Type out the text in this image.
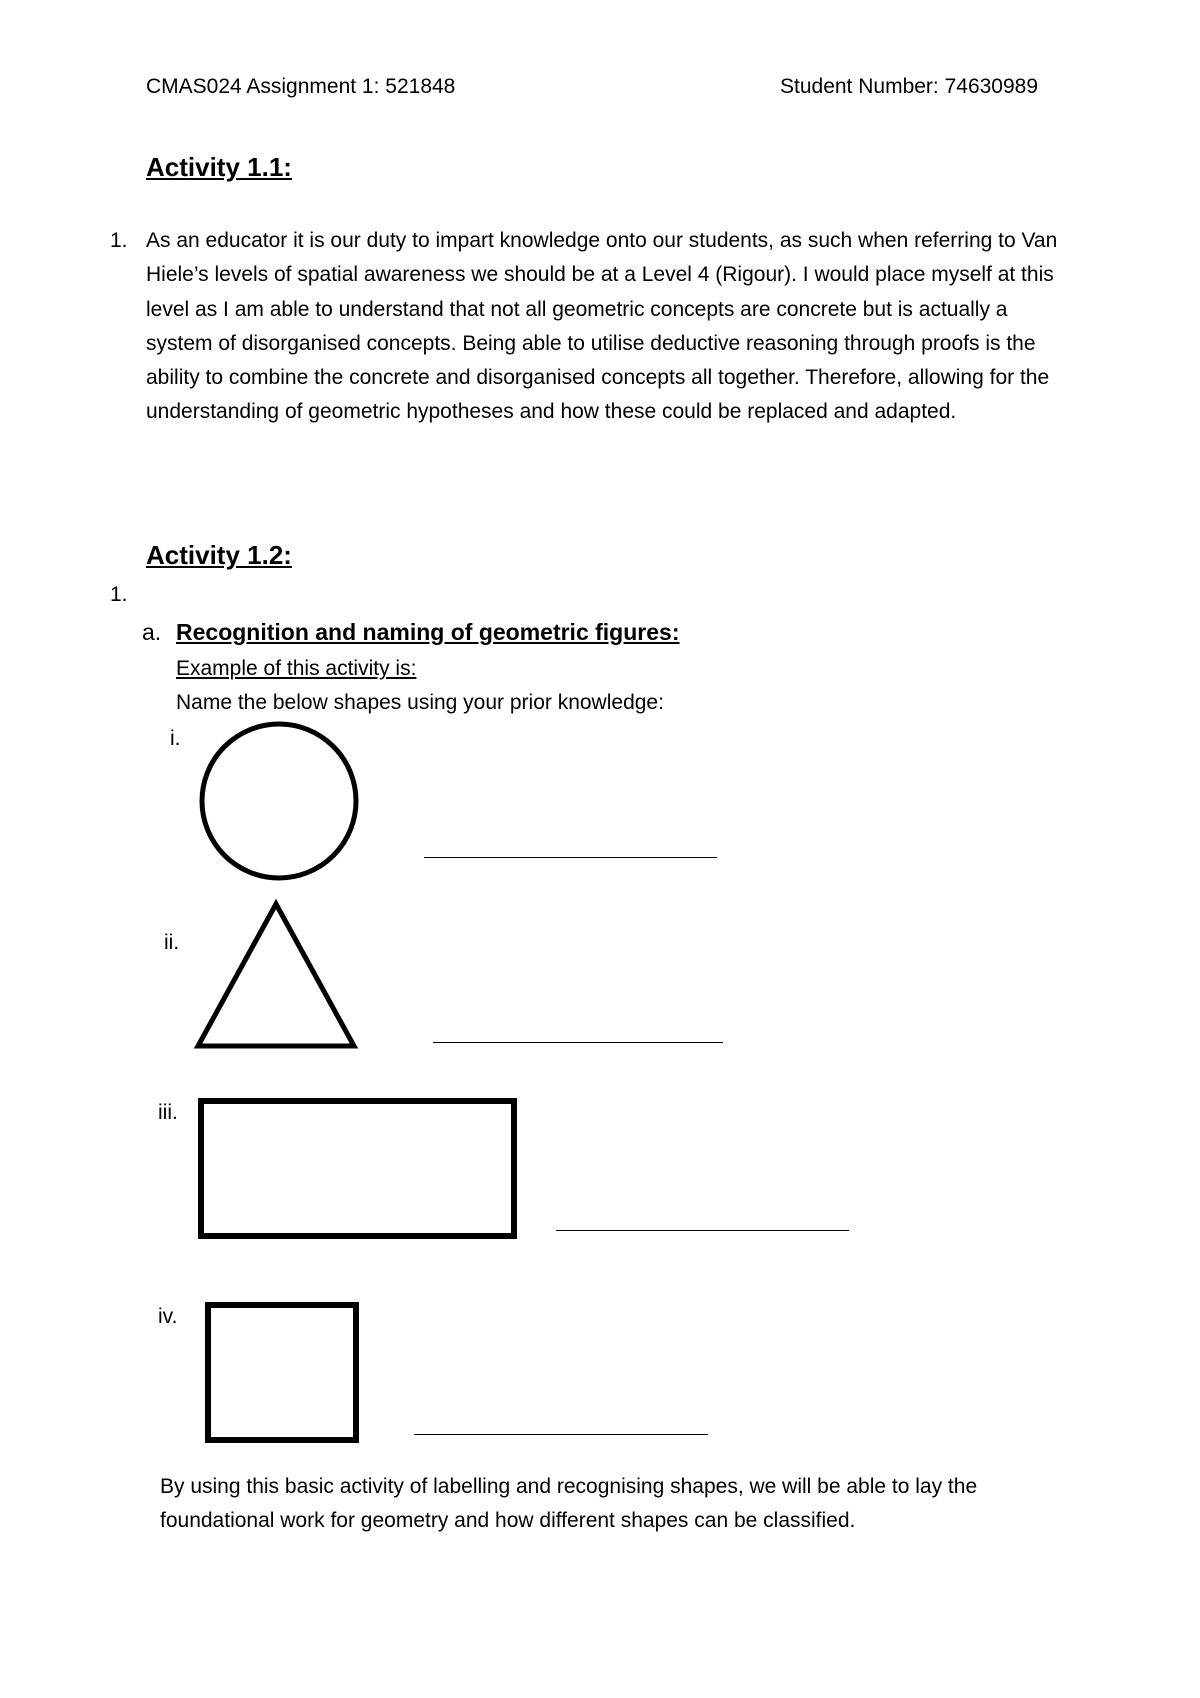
CMAS024 Assignment 1: 521848	Student Number: 74630989
Activity 1.1:
1. As an educator it is our duty to impart knowledge onto our students, as such when referring to Van Hiele’s levels of spatial awareness we should be at a Level 4 (Rigour). I would place myself at this level as I am able to understand that not all geometric concepts are concrete but is actually a system of disorganised concepts. Being able to utilise deductive reasoning through proofs is the ability to combine the concrete and disorganised concepts all together. Therefore, allowing for the understanding of geometric hypotheses and how these could be replaced and adapted.
Activity 1.2:
1.
a. Recognition and naming of geometric figures:
Example of this activity is:
Name the below shapes using your prior knowledge:
i.
ii.
iii.
iv.
By using this basic activity of labelling and recognising shapes, we will be able to lay the foundational work for geometry and how different shapes can be classified.
